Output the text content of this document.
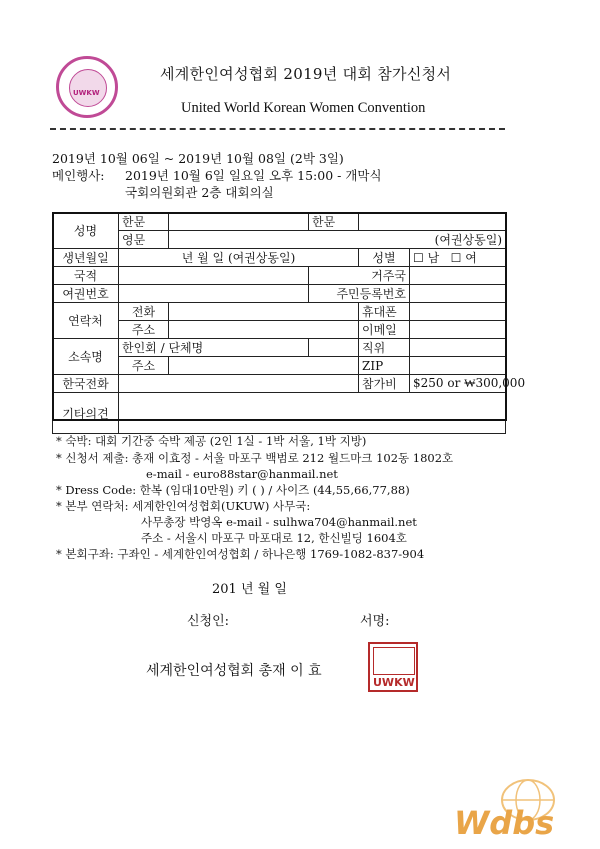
UWKW
세계한인여성협회 2019년 대회 참가신청서
United World Korean Women Convention
2019년 10월 06일 ~ 2019년 10월 08일 (2박 3일)
메인행사: 2019년 10월 6일 일요일 오후 15:00 - 개막식
국회의원회관 2층 대회의실
성명	한문		한문		
	영문	(여권상동일)			
생년월일	년 월 일 (여권상동일)			성별	☐ 남 ☐ 여
국적			거주국		
여권번호			주민등록번호		
연락처	전화			휴대폰	
	주소			이메일	
소속명	한인회 / 단체명			직위	
	주소			ZIP	
한국전화				참가비	$250 or ₩300,000
기타의견					
* 숙박: 대회 기간중 숙박 제공 (2인 1실 - 1박 서울, 1박 지방)
* 신청서 제출: 총재 이효정 - 서울 마포구 백범로 212 월드마크 102동 1802호
e-mail - euro88star@hanmail.net
* Dress Code: 한복 (임대10만원) 키 ( ) / 사이즈 (44,55,66,77,88)
* 본부 연락처: 세계한인여성협회(UKUW) 사무국:
사무총장 박영옥 e-mail - sulhwa704@hanmail.net
주소 - 서울시 마포구 마포대로 12, 한신빌딩 1604호
* 본회구좌: 구좌인 - 세계한인여성협회 / 하나은행 1769-1082-837-904
201 년 월 일
신청인:	서명:
세계한인여성협회 총재 이 효
UWKW
Wdbs
